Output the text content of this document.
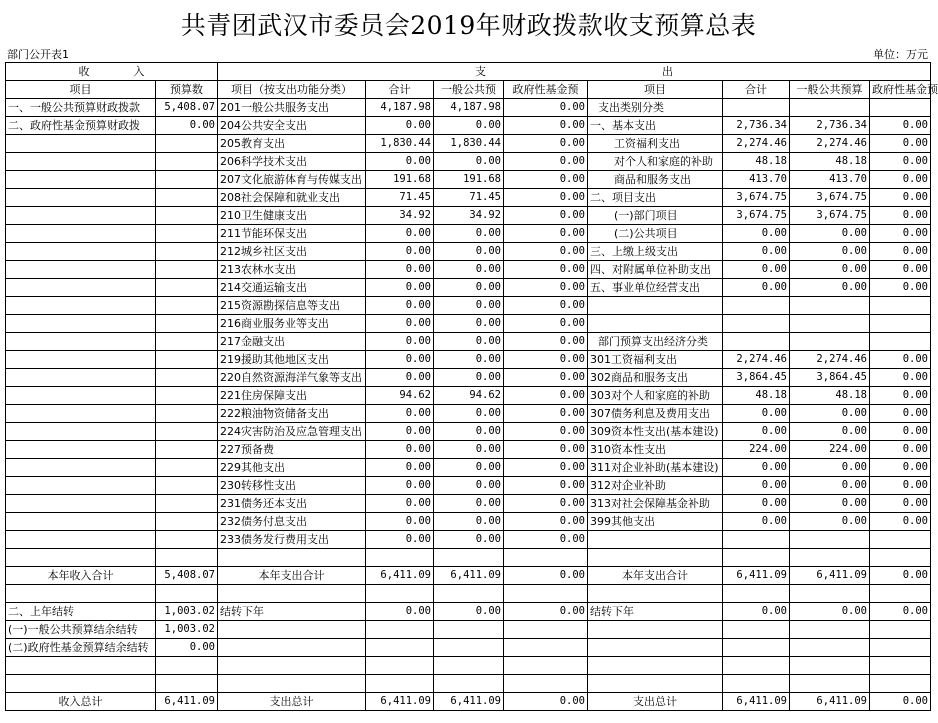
共青团武汉市委员会2019年财政拨款收支预算总表
部门公开表1	单位：万元
收　　　　入		支　　　　　　　　　　　　　　　　出							
项目	预算数	项目（按支出功能分类）	合计	一般公共预	政府性基金预	项目	合计	一般公共预算	政府性基金预
一、一般公共预算财政拨款	5,408.07	201一般公共服务支出	4,187.98	4,187.98	0.00	支出类别分类			
二、政府性基金预算财政拨	0.00	204公共安全支出	0.00	0.00	0.00	一、基本支出	2,736.34	2,736.34	0.00
		205教育支出	1,830.44	1,830.44	0.00	工资福利支出	2,274.46	2,274.46	0.00
		206科学技术支出	0.00	0.00	0.00	对个人和家庭的补助	48.18	48.18	0.00
		207文化旅游体育与传媒支出	191.68	191.68	0.00	商品和服务支出	413.70	413.70	0.00
		208社会保障和就业支出	71.45	71.45	0.00	二、项目支出	3,674.75	3,674.75	0.00
		210卫生健康支出	34.92	34.92	0.00	(一)部门项目	3,674.75	3,674.75	0.00
		211节能环保支出	0.00	0.00	0.00	(二)公共项目	0.00	0.00	0.00
		212城乡社区支出	0.00	0.00	0.00	三、上缴上级支出	0.00	0.00	0.00
		213农林水支出	0.00	0.00	0.00	四、对附属单位补助支出	0.00	0.00	0.00
		214交通运输支出	0.00	0.00	0.00	五、事业单位经营支出	0.00	0.00	0.00
		215资源勘探信息等支出	0.00	0.00	0.00				
		216商业服务业等支出	0.00	0.00	0.00				
		217金融支出	0.00	0.00	0.00	部门预算支出经济分类			
		219援助其他地区支出	0.00	0.00	0.00	301工资福利支出	2,274.46	2,274.46	0.00
		220自然资源海洋气象等支出	0.00	0.00	0.00	302商品和服务支出	3,864.45	3,864.45	0.00
		221住房保障支出	94.62	94.62	0.00	303对个人和家庭的补助	48.18	48.18	0.00
		222粮油物资储备支出	0.00	0.00	0.00	307债务利息及费用支出	0.00	0.00	0.00
		224灾害防治及应急管理支出	0.00	0.00	0.00	309资本性支出(基本建设)	0.00	0.00	0.00
		227预备费	0.00	0.00	0.00	310资本性支出	224.00	224.00	0.00
		229其他支出	0.00	0.00	0.00	311对企业补助(基本建设)	0.00	0.00	0.00
		230转移性支出	0.00	0.00	0.00	312对企业补助	0.00	0.00	0.00
		231债务还本支出	0.00	0.00	0.00	313对社会保障基金补助	0.00	0.00	0.00
		232债务付息支出	0.00	0.00	0.00	399其他支出	0.00	0.00	0.00
		233债务发行费用支出	0.00	0.00	0.00				

本年收入合计	5,408.07	本年支出合计	6,411.09	6,411.09	0.00	本年支出合计	6,411.09	6,411.09	0.00

二、上年结转	1,003.02	结转下年	0.00	0.00	0.00	结转下年	0.00	0.00	0.00
(一)一般公共预算结余结转	1,003.02								
(二)政府性基金预算结余结转	0.00								

收入总计	6,411.09	支出总计	6,411.09	6,411.09	0.00	支出总计	6,411.09	6,411.09	0.00
